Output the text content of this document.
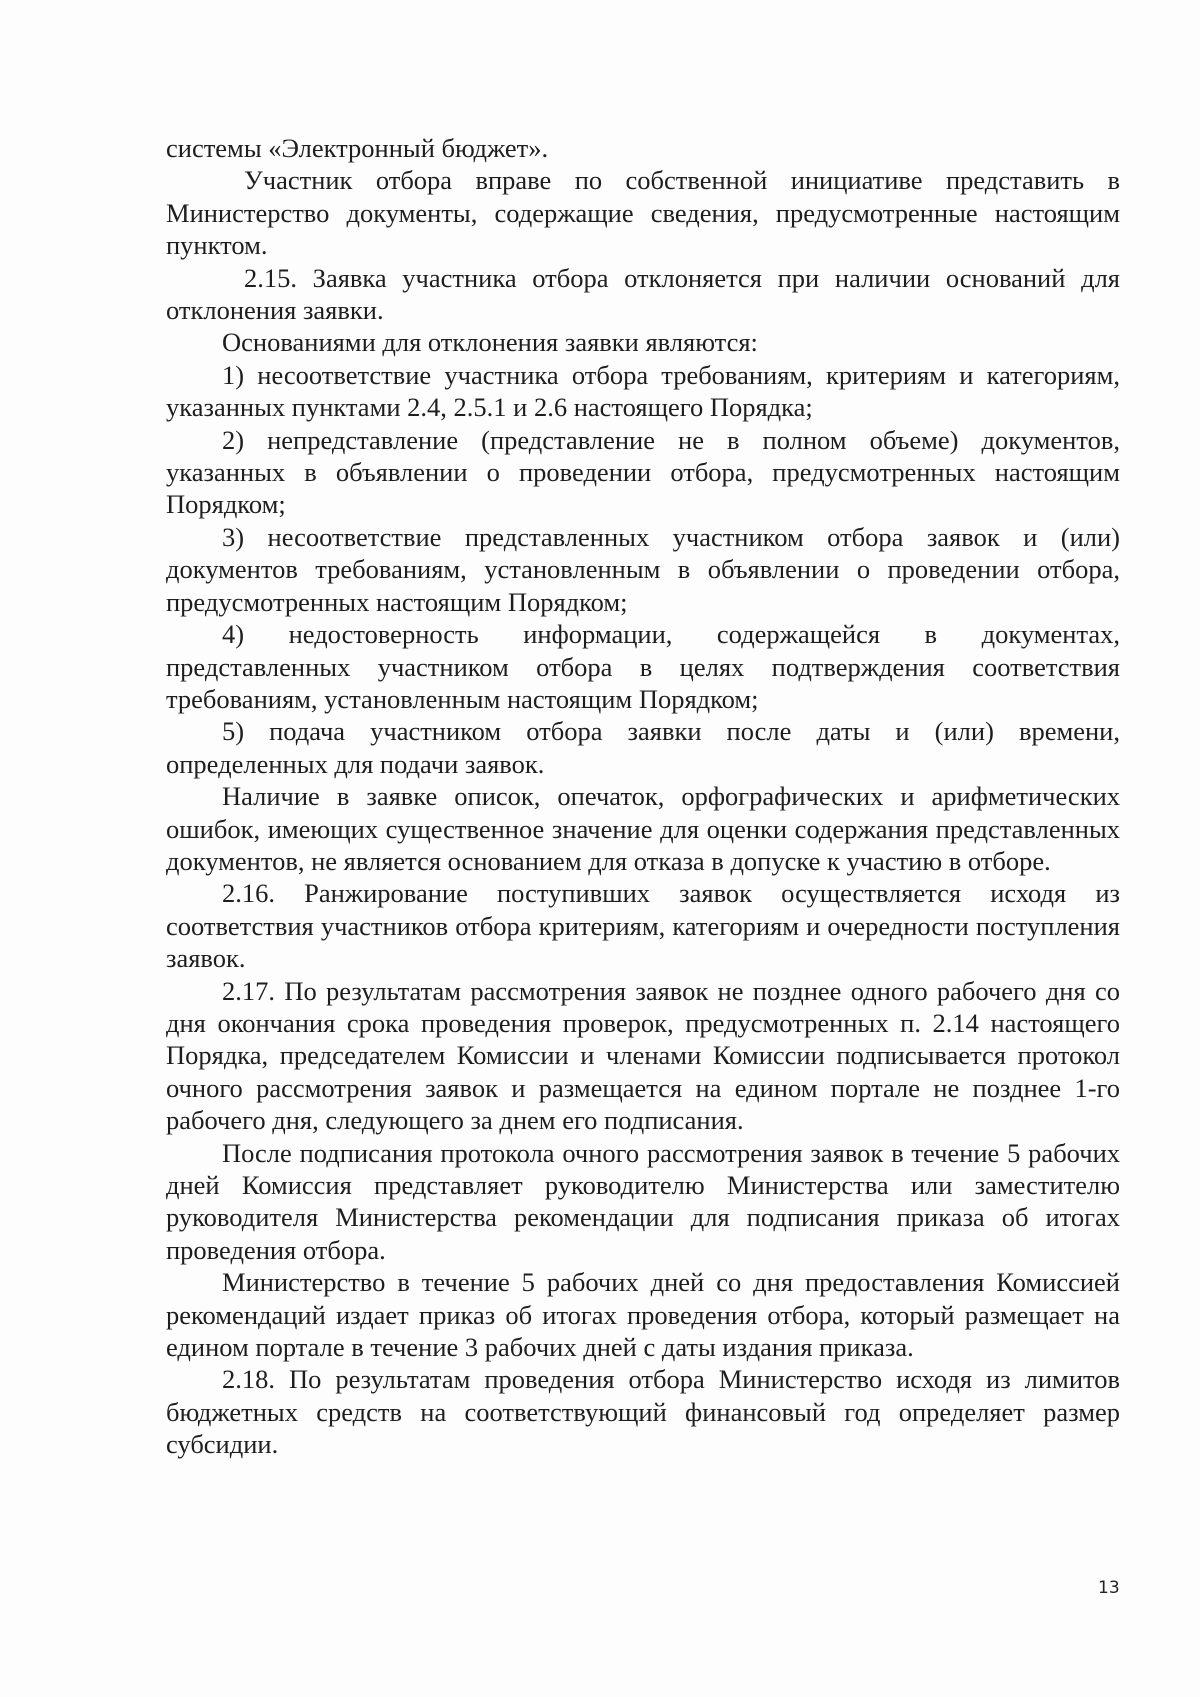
системы «Электронный бюджет».

Участник отбора вправе по собственной инициативе представить в Министерство документы, содержащие сведения, предусмотренные настоящим пунктом.

2.15. Заявка участника отбора отклоняется при наличии оснований для отклонения заявки.

Основаниями для отклонения заявки являются:

1) несоответствие участника отбора требованиям, критериям и категориям, указанных пунктами 2.4, 2.5.1 и 2.6 настоящего Порядка;

2) непредставление (представление не в полном объеме) документов, указанных в объявлении о проведении отбора, предусмотренных настоящим Порядком;

3) несоответствие представленных участником отбора заявок и (или) документов требованиям, установленным в объявлении о проведении отбора, предусмотренных настоящим Порядком;

4) недостоверность информации, содержащейся в документах, представленных участником отбора в целях подтверждения соответствия требованиям, установленным настоящим Порядком;

5) подача участником отбора заявки после даты и (или) времени, определенных для подачи заявок.

Наличие в заявке описок, опечаток, орфографических и арифметических ошибок, имеющих существенное значение для оценки содержания представленных документов, не является основанием для отказа в допуске к участию в отборе.

2.16. Ранжирование поступивших заявок осуществляется исходя из соответствия участников отбора критериям, категориям и очередности поступления заявок.

2.17. По результатам рассмотрения заявок не позднее одного рабочего дня со дня окончания срока проведения проверок, предусмотренных п. 2.14 настоящего Порядка, председателем Комиссии и членами Комиссии подписывается протокол очного рассмотрения заявок и размещается на едином портале не позднее 1-го рабочего дня, следующего за днем его подписания.

После подписания протокола очного рассмотрения заявок в течение 5 рабочих дней Комиссия представляет руководителю Министерства или заместителю руководителя Министерства рекомендации для подписания приказа об итогах проведения отбора.

Министерство в течение 5 рабочих дней со дня предоставления Комиссией рекомендаций издает приказ об итогах проведения отбора, который размещает на едином портале в течение 3 рабочих дней с даты издания приказа.

2.18. По результатам проведения отбора Министерство исходя из лимитов бюджетных средств на соответствующий финансовый год определяет размер субсидии.

13
